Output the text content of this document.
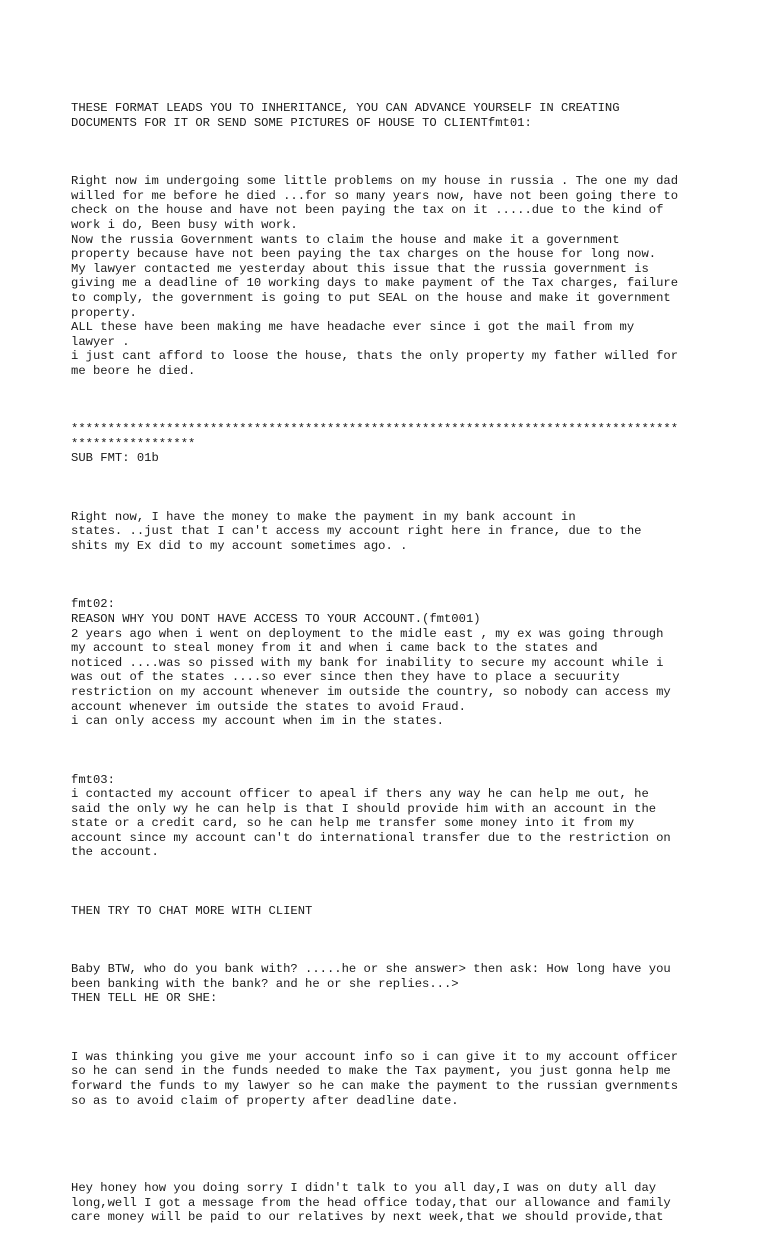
THESE FORMAT LEADS YOU TO INHERITANCE, YOU CAN ADVANCE YOURSELF IN CREATING
DOCUMENTS FOR IT OR SEND SOME PICTURES OF HOUSE TO CLIENTfmt01:

Right now im undergoing some little problems on my house in russia . The one my dad
willed for me before he died ...for so many years now, have not been going there to
check on the house and have not been paying the tax on it .....due to the kind of
work i do, Been busy with work.
Now the russia Government wants to claim the house and make it a government
property because have not been paying the tax charges on the house for long now.
My lawyer contacted me yesterday about this issue that the russia government is
giving me a deadline of 10 working days to make payment of the Tax charges, failure
to comply, the government is going to put SEAL on the house and make it government
property.
ALL these have been making me have headache ever since i got the mail from my
lawyer .
i just cant afford to loose the house, thats the only property my father willed for
me beore he died.

***********************************************************************************
*****************
SUB FMT: 01b

Right now, I have the money to make the payment in my bank account in
states. ..just that I can't access my account right here in france, due to the
shits my Ex did to my account sometimes ago. .

fmt02:
REASON WHY YOU DONT HAVE ACCESS TO YOUR ACCOUNT.(fmt001)
2 years ago when i went on deployment to the midle east , my ex was going through
my account to steal money from it and when i came back to the states and
noticed ....was so pissed with my bank for inability to secure my account while i
was out of the states ....so ever since then they have to place a secuurity
restriction on my account whenever im outside the country, so nobody can access my
account whenever im outside the states to avoid Fraud.
i can only access my account when im in the states.

fmt03:
i contacted my account officer to apeal if thers any way he can help me out, he
said the only wy he can help is that I should provide him with an account in the
state or a credit card, so he can help me transfer some money into it from my
account since my account can't do international transfer due to the restriction on
the account.

THEN TRY TO CHAT MORE WITH CLIENT

Baby BTW, who do you bank with? .....he or she answer> then ask: How long have you
been banking with the bank? and he or she replies...>
THEN TELL HE OR SHE:

I was thinking you give me your account info so i can give it to my account officer
so he can send in the funds needed to make the Tax payment, you just gonna help me
forward the funds to my lawyer so he can make the payment to the russian gvernments
so as to avoid claim of property after deadline date.

Hey honey how you doing sorry I didn't talk to you all day,I was on duty all day
long,well I got a message from the head office today,that our allowance and family
care money will be paid to our relatives by next week,that we should provide,that
